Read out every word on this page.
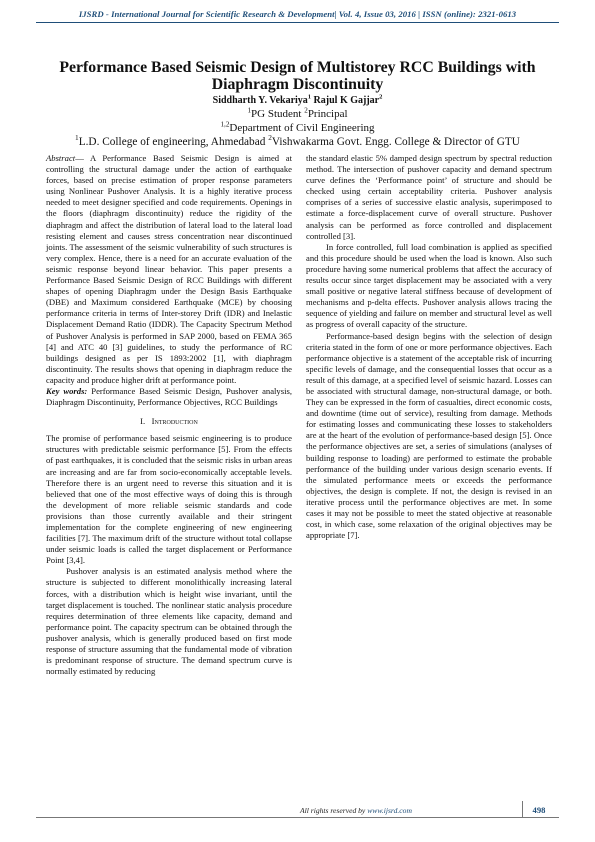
IJSRD - International Journal for Scientific Research & Development| Vol. 4, Issue 03, 2016 | ISSN (online): 2321-0613
Performance Based Seismic Design of Multistorey RCC Buildings with Diaphragm Discontinuity
Siddharth Y. Vekariya$^1$ Rajul K Gajjar$^2$
$^1$PG Student $^2$Principal
$^{1,2}$Department of Civil Engineering
$^1$L.D. College of engineering, Ahmedabad $^2$Vishwakarma Govt. Engg. College & Director of GTU

Abstract— A Performance Based Seismic Design is aimed at controlling the structural damage under the action of earthquake forces, based on precise estimation of proper response parameters using Nonlinear Pushover Analysis. It is a highly iterative process needed to meet designer specified and code requirements. Openings in the floors (diaphragm discontinuity) reduce the rigidity of the diaphragm and affect the distribution of lateral load to the lateral load resisting element and causes stress concentration near discontinued joints. The assessment of the seismic vulnerability of such structures is very complex. Hence, there is a need for an accurate evaluation of the seismic response beyond linear behavior. This paper presents a Performance Based Seismic Design of RCC Buildings with different shapes of opening Diaphragm under the Design Basis Earthquake (DBE) and Maximum considered Earthquake (MCE) by choosing performance criteria in terms of Inter-storey Drift (IDR) and Inelastic Displacement Demand Ratio (IDDR). The Capacity Spectrum Method of Pushover Analysis is performed in SAP 2000, based on FEMA 365 [4] and ATC 40 [3] guidelines, to study the performance of RC buildings designed as per IS 1893:2002 [1], with diaphragm discontinuity. The results shows that opening in diaphragm reduce the capacity and produce higher drift at performance point.

Key words: Performance Based Seismic Design, Pushover analysis, Diaphragm Discontinuity, Performance Objectives, RCC Buildings

I. Introduction

The promise of performance based seismic engineering is to produce structures with predictable seismic performance [5]. From the effects of past earthquakes, it is concluded that the seismic risks in urban areas are increasing and are far from socio-economically acceptable levels. Therefore there is an urgent need to reverse this situation and it is believed that one of the most effective ways of doing this is through the development of more reliable seismic standards and code provisions than those currently available and their stringent implementation for the complete engineering of new engineering facilities [7]. The maximum drift of the structure without total collapse under seismic loads is called the target displacement or Performance Point [3,4].

Pushover analysis is an estimated analysis method where the structure is subjected to different monolithically increasing lateral forces, with a distribution which is height wise invariant, until the target displacement is touched. The nonlinear static analysis procedure requires determination of three elements like capacity, demand and performance point. The capacity spectrum can be obtained through the pushover analysis, which is generally produced based on first mode response of structure assuming that the fundamental mode of vibration is predominant response of structure. The demand spectrum curve is normally estimated by reducing

the standard elastic 5% damped design spectrum by spectral reduction method. The intersection of pushover capacity and demand spectrum curve defines the ‘Performance point’ of structure and should be checked using certain acceptability criteria. Pushover analysis comprises of a series of successive elastic analysis, superimposed to estimate a force-displacement curve of overall structure. Pushover analysis can be performed as force controlled and displacement controlled [3].

In force controlled, full load combination is applied as specified and this procedure should be used when the load is known. Also such procedure having some numerical problems that affect the accuracy of results occur since target displacement may be associated with a very small positive or negative lateral stiffness because of development of mechanisms and p-delta effects. Pushover analysis allows tracing the sequence of yielding and failure on member and structural level as well as progress of overall capacity of the structure.

Performance-based design begins with the selection of design criteria stated in the form of one or more performance objectives. Each performance objective is a statement of the acceptable risk of incurring specific levels of damage, and the consequential losses that occur as a result of this damage, at a specified level of seismic hazard. Losses can be associated with structural damage, non-structural damage, or both. They can be expressed in the form of casualties, direct economic costs, and downtime (time out of service), resulting from damage. Methods for estimating losses and communicating these losses to stakeholders are at the heart of the evolution of performance-based design [5]. Once the performance objectives are set, a series of simulations (analyses of building response to loading) are performed to estimate the probable performance of the building under various design scenario events. If the simulated performance meets or exceeds the performance objectives, the design is complete. If not, the design is revised in an iterative process until the performance objectives are met. In some cases it may not be possible to meet the stated objective at reasonable cost, in which case, some relaxation of the original objectives may be appropriate [7].

All rights reserved by www.ijsrd.com	498
